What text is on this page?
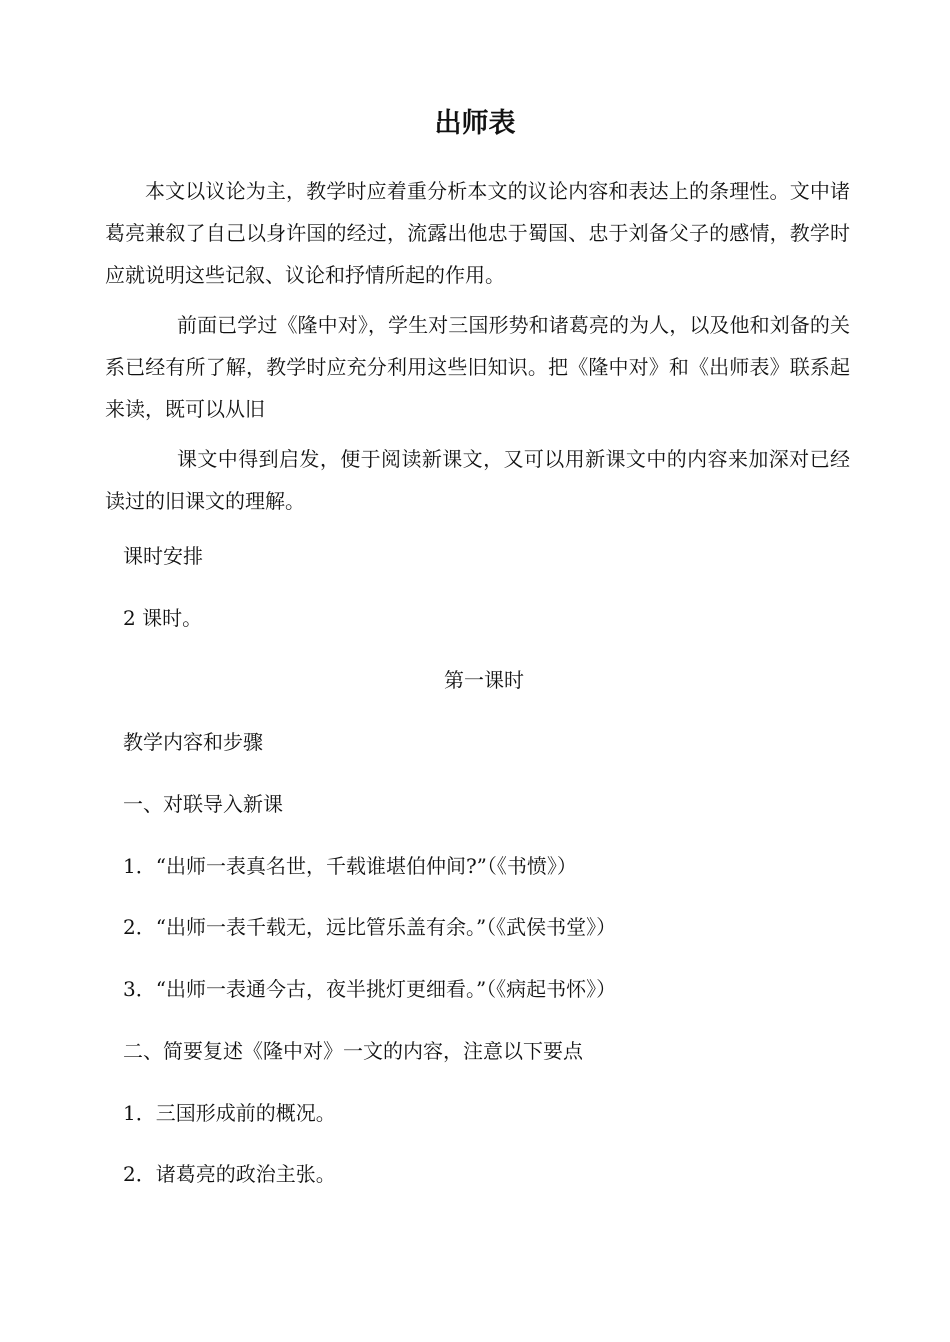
出师表

本文以议论为主，教学时应着重分析本文的议论内容和表达上的条理性。文中诸葛亮兼叙了自己以身许国的经过，流露出他忠于蜀国、忠于刘备父子的感情，教学时应就说明这些记叙、议论和抒情所起的作用。

前面已学过《隆中对》，学生对三国形势和诸葛亮的为人，以及他和刘备的关系已经有所了解，教学时应充分利用这些旧知识。把《隆中对》和《出师表》联系起来读，既可以从旧

课文中得到启发，便于阅读新课文，又可以用新课文中的内容来加深对已经读过的旧课文的理解。

课时安排

2 课时。

第一课时

教学内容和步骤

一、对联导入新课

1．“出师一表真名世，千载谁堪伯仲间?”（《书愤》）

2．“出师一表千载无，远比管乐盖有余。”（《武侯书堂》）

3．“出师一表通今古，夜半挑灯更细看。”（《病起书怀》）

二、简要复述《隆中对》一文的内容，注意以下要点

1．三国形成前的概况。

2．诸葛亮的政治主张。
